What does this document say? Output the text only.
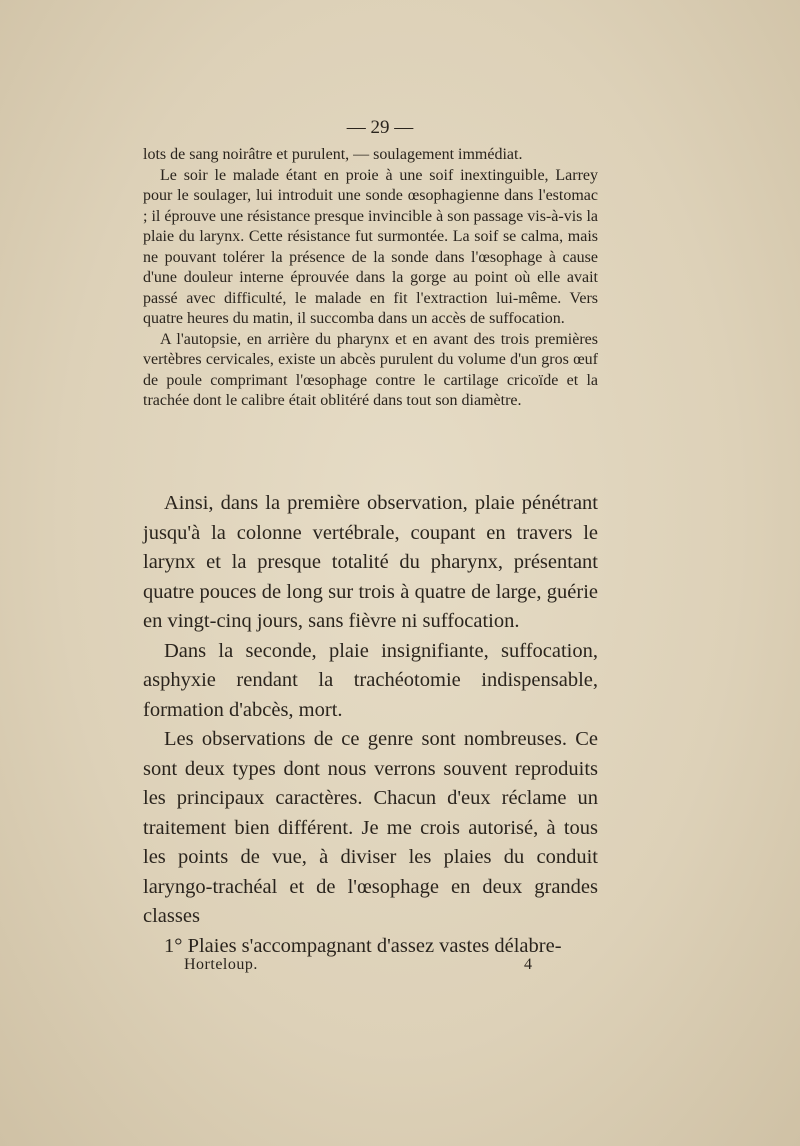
— 29 —

lots de sang noirâtre et purulent, — soulagement immédiat.

Le soir le malade étant en proie à une soif inextinguible, Larrey pour le soulager, lui introduit une sonde œsophagienne dans l'estomac ; il éprouve une résistance presque invincible à son passage vis-à-vis la plaie du larynx. Cette résistance fut surmontée. La soif se calma, mais ne pouvant tolérer la présence de la sonde dans l'œsophage à cause d'une douleur interne éprouvée dans la gorge au point où elle avait passé avec difficulté, le malade en fit l'extraction lui-même. Vers quatre heures du matin, il succomba dans un accès de suffocation.

A l'autopsie, en arrière du pharynx et en avant des trois premières vertèbres cervicales, existe un abcès purulent du volume d'un gros œuf de poule comprimant l'œsophage contre le cartilage cricoïde et la trachée dont le calibre était oblitéré dans tout son diamètre.

Ainsi, dans la première observation, plaie pénétrant jusqu'à la colonne vertébrale, coupant en travers le larynx et la presque totalité du pharynx, présentant quatre pouces de long sur trois à quatre de large, guérie en vingt-cinq jours, sans fièvre ni suffocation.

Dans la seconde, plaie insignifiante, suffocation, asphyxie rendant la trachéotomie indispensable, formation d'abcès, mort.

Les observations de ce genre sont nombreuses. Ce sont deux types dont nous verrons souvent reproduits les principaux caractères. Chacun d'eux réclame un traitement bien différent. Je me crois autorisé, à tous les points de vue, à diviser les plaies du conduit laryngo-trachéal et de l'œsophage en deux grandes classes

1° Plaies s'accompagnant d'assez vastes délabre-

Horteloup.	4
